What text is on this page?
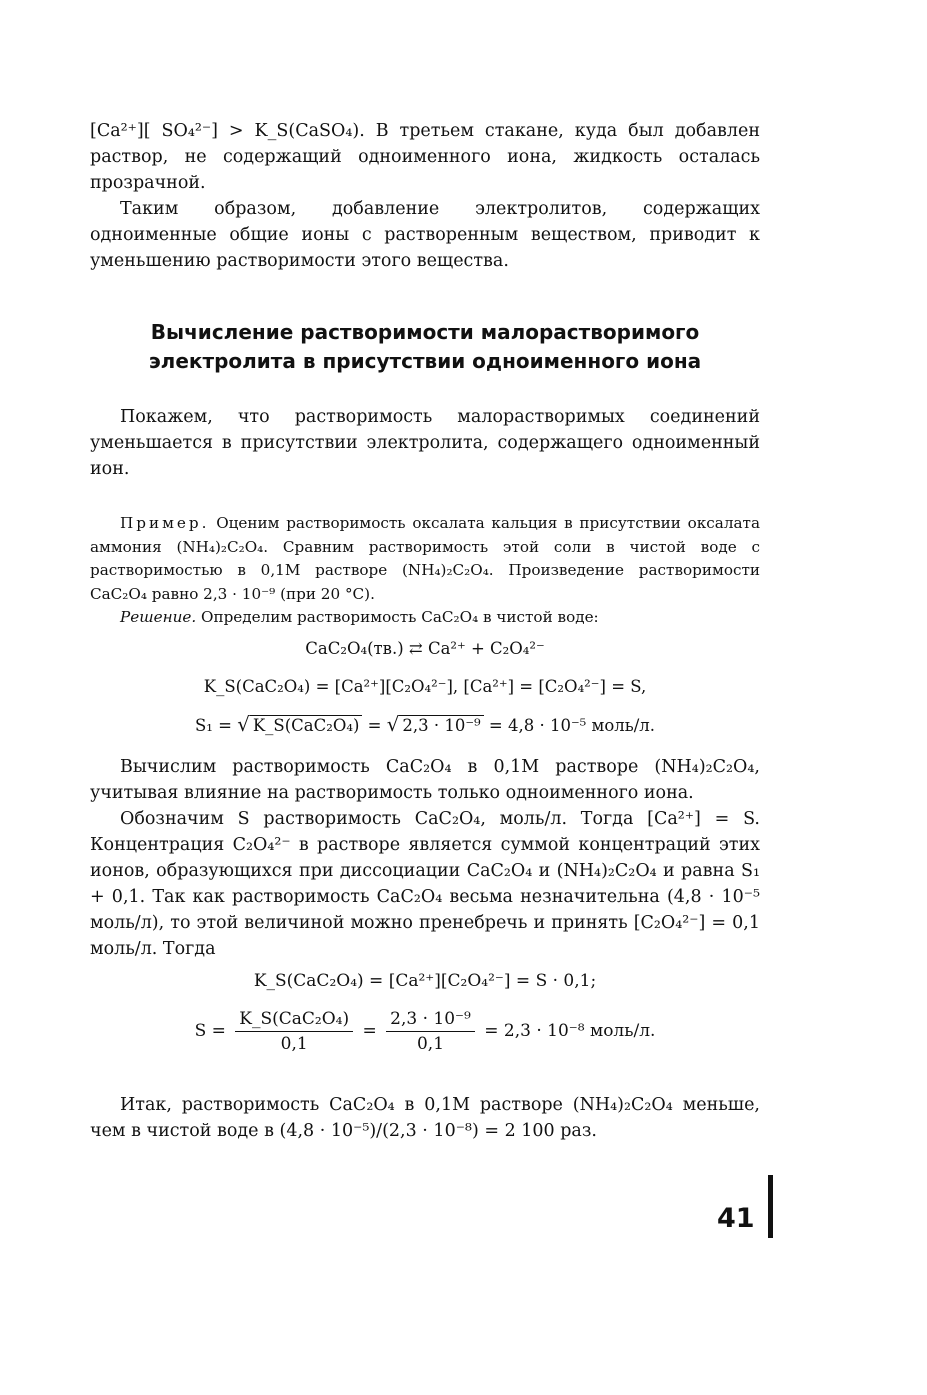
[Ca²⁺][ SO₄²⁻] > K_S(CaSO₄). В третьем стакане, куда был добавлен раствор, не содержащий одноименного иона, жидкость осталась прозрачной.

Таким образом, добавление электролитов, содержащих одноименные общие ионы с растворенным веществом, приводит к уменьшению растворимости этого вещества.

Вычисление растворимости малорастворимого
электролита в присутствии одноименного иона

Покажем, что растворимость малорастворимых соединений уменьшается в присутствии электролита, содержащего одноименный ион.

Пример. Оценим растворимость оксалата кальция в присутствии оксалата аммония (NH₄)₂C₂O₄. Сравним растворимость этой соли в чистой воде с растворимостью в 0,1М растворе (NH₄)₂C₂O₄. Произведение растворимости CaC₂O₄ равно 2,3 · 10⁻⁹ (при 20 °C).

Решение. Определим растворимость CaC₂O₄ в чистой воде:

CaC₂O₄(тв.) ⇄ Ca²⁺ + C₂O₄²⁻
K_S(CaC₂O₄) = [Ca²⁺][C₂O₄²⁻], [Ca²⁺] = [C₂O₄²⁻] = S,
S₁ = √ K_S(CaC₂O₄) = √ 2,3 · 10⁻⁹ = 4,8 · 10⁻⁵ моль/л.

Вычислим растворимость CaC₂O₄ в 0,1М растворе (NH₄)₂C₂O₄, учитывая влияние на растворимость только одноименного иона.

Обозначим S растворимость CaC₂O₄, моль/л. Тогда [Ca²⁺] = S. Концентрация C₂O₄²⁻ в растворе является суммой концентраций этих ионов, образующихся при диссоциации CaC₂O₄ и (NH₄)₂C₂O₄ и равна S₁ + 0,1. Так как растворимость CaC₂O₄ весьма незначительна (4,8 · 10⁻⁵ моль/л), то этой величиной можно пренебречь и принять [C₂O₄²⁻] = 0,1 моль/л. Тогда

K_S(CaC₂O₄) = [Ca²⁺][C₂O₄²⁻] = S · 0,1;
$S = \frac{\text{K\_S(CaC₂O₄)}}{0,1} = \frac{\text{2,3 · 10⁻⁹}}{0,1} = 2,3 \cdot 10^{-8}$ моль/л.

Итак, растворимость CaC₂O₄ в 0,1М растворе (NH₄)₂C₂O₄ меньше, чем в чистой воде в (4,8 · 10⁻⁵)/(2,3 · 10⁻⁸) = 2 100 раз.

41
